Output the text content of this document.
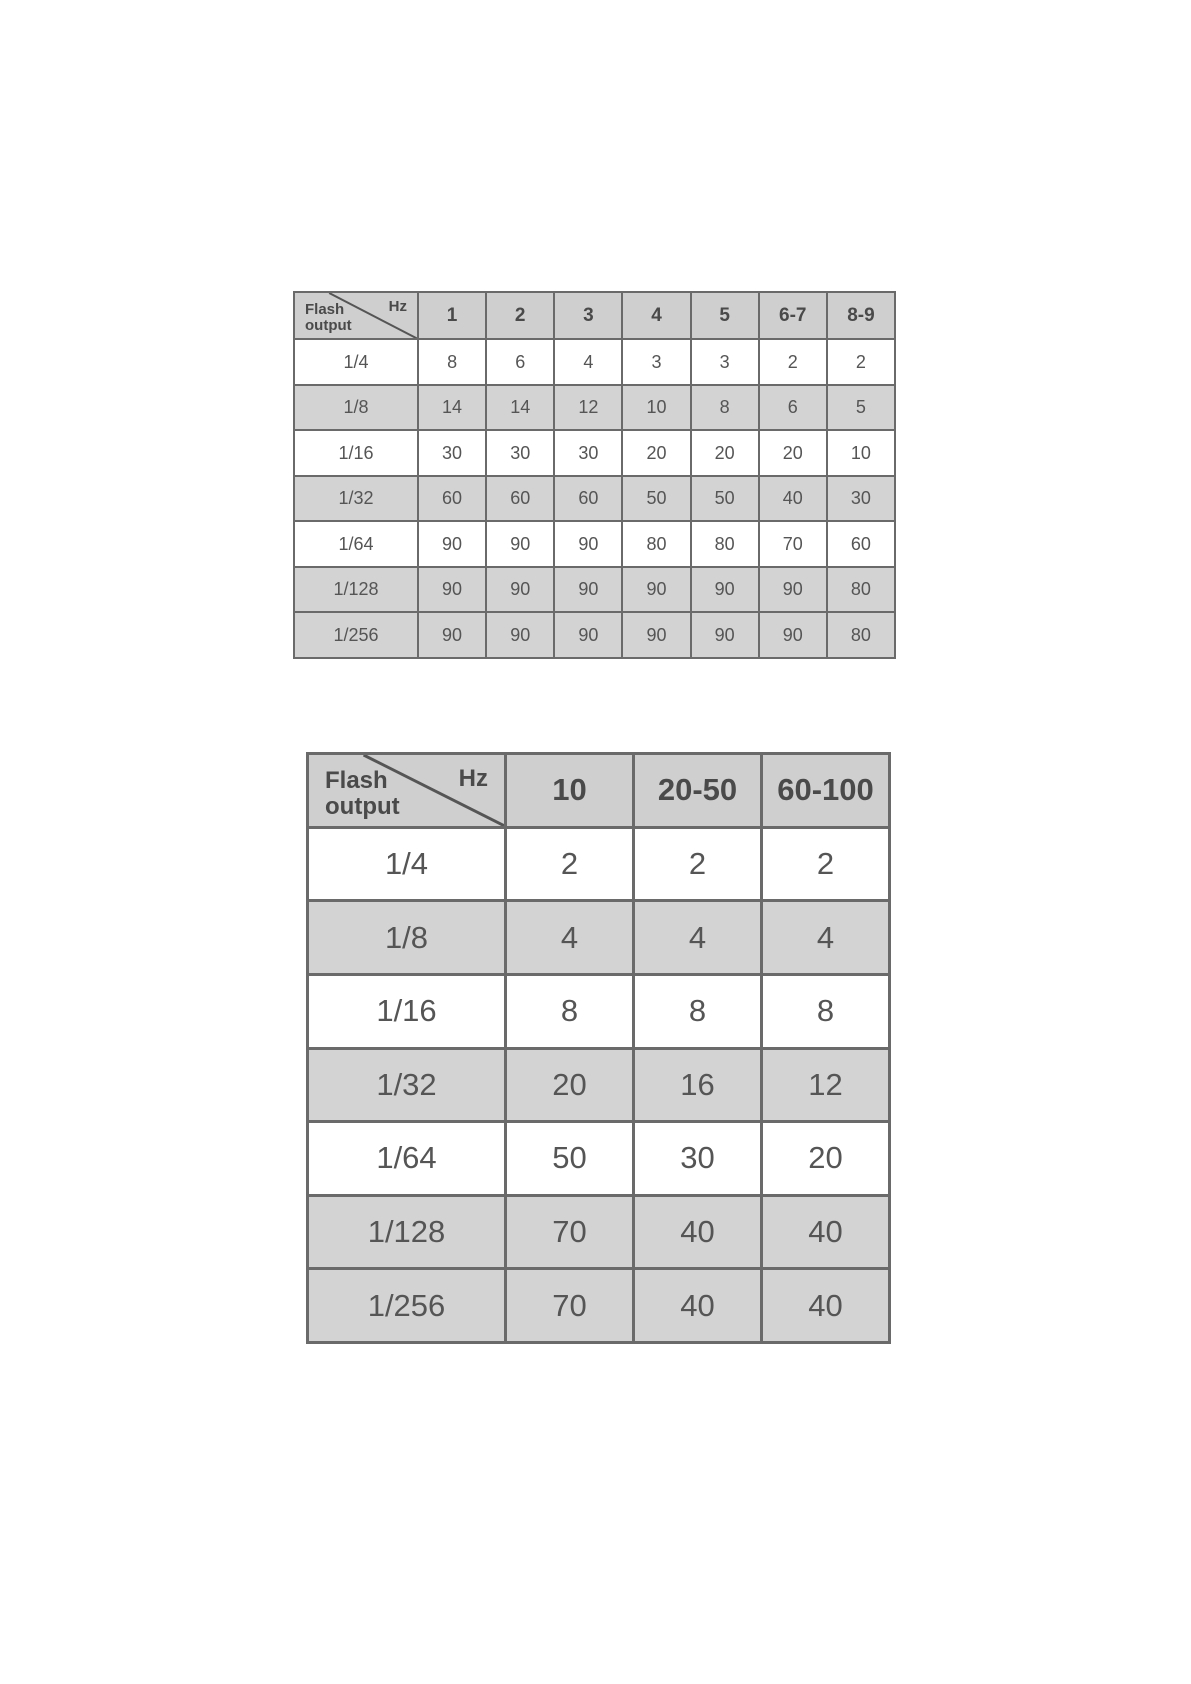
Hz
Flash
output	1	2	3	4	5	6-7	8-9
1/4	8	6	4	3	3	2	2
1/8	14	14	12	10	8	6	5
1/16	30	30	30	20	20	20	10
1/32	60	60	60	50	50	40	30
1/64	90	90	90	80	80	70	60
1/128	90	90	90	90	90	90	80
1/256	90	90	90	90	90	90	80
Hz
Flash
output	10	20-50	60-100
1/4	2	2	2
1/8	4	4	4
1/16	8	8	8
1/32	20	16	12
1/64	50	30	20
1/128	70	40	40
1/256	70	40	40
